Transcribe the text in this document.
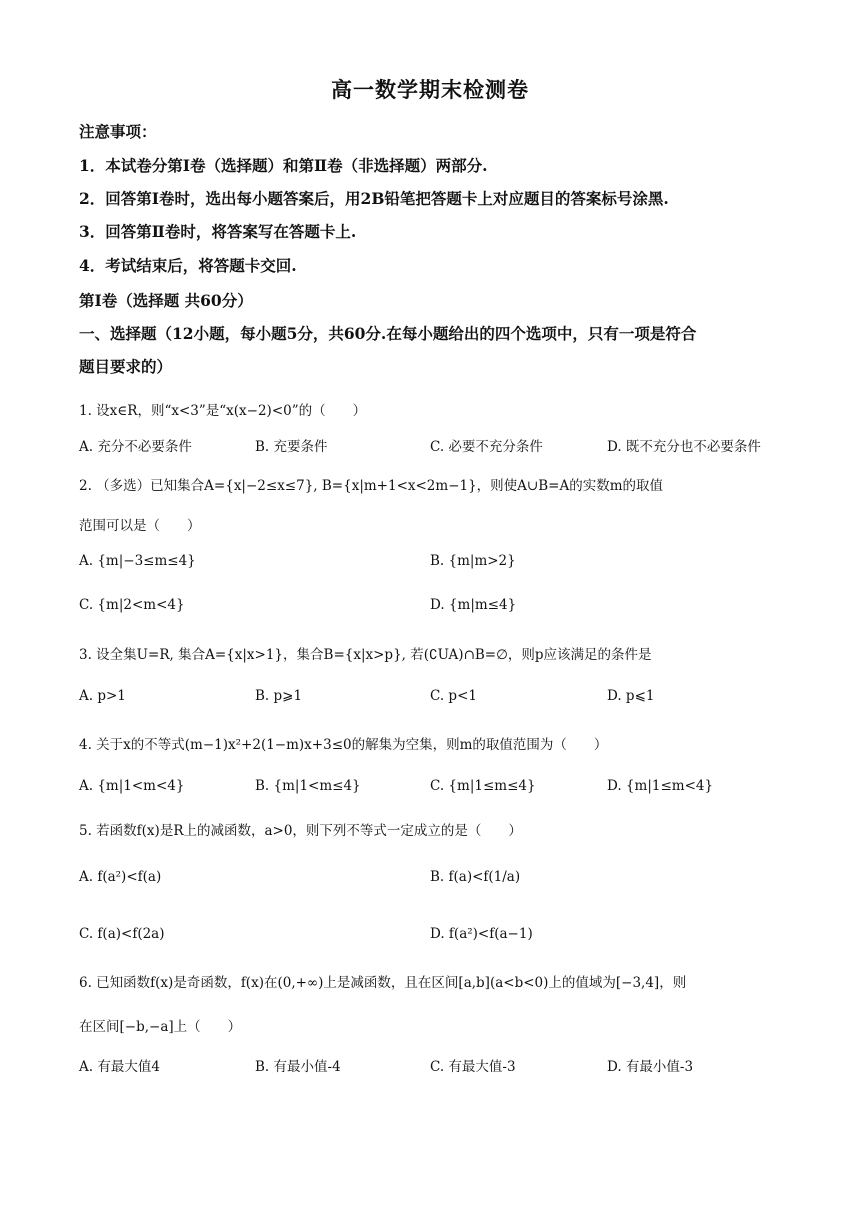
高一数学期末检测卷
注意事项：
1．本试卷分第Ⅰ卷（选择题）和第Ⅱ卷（非选择题）两部分.
2．回答第Ⅰ卷时，选出每小题答案后，用2B铅笔把答题卡上对应题目的答案标号涂黑.
3．回答第Ⅱ卷时，将答案写在答题卡上.
4．考试结束后，将答题卡交回.
第I卷（选择题 共60分）
一、选择题（12小题，每小题5分，共60分.在每小题给出的四个选项中，只有一项是符合
题目要求的）
1. 设x∈R，则“x<3”是“x(x−2)<0”的（　　）
A. 充分不必要条件	B. 充要条件	C. 必要不充分条件	D. 既不充分也不必要条件
2. （多选）已知集合A={x|−2≤x≤7}, B={x|m+1<x<2m−1}，则使A∪B=A的实数m的取值
范围可以是（　　）
A. {m|−3≤m≤4}	B. {m|m>2}
C. {m|2<m<4}	D. {m|m≤4}
3. 设全集U=R, 集合A={x|x>1}，集合B={x|x>p}, 若(∁UA)∩B=∅，则p应该满足的条件是
A. p>1	B. p⩾1	C. p<1	D. p⩽1
4. 关于x的不等式(m−1)x²+2(1−m)x+3≤0的解集为空集，则m的取值范围为（　　）
A. {m|1<m<4}	B. {m|1<m≤4}	C. {m|1≤m≤4}	D. {m|1≤m<4}
5. 若函数f(x)是R上的减函数，a>0，则下列不等式一定成立的是（　　）
A. f(a²)<f(a)	B. f(a)<f(1/a)
C. f(a)<f(2a)	D. f(a²)<f(a−1)
6. 已知函数f(x)是奇函数，f(x)在(0,+∞)上是减函数，且在区间[a,b](a<b<0)上的值域为[−3,4]，则
在区间[−b,−a]上（　　）
A. 有最大值4	B. 有最小值-4	C. 有最大值-3	D. 有最小值-3
